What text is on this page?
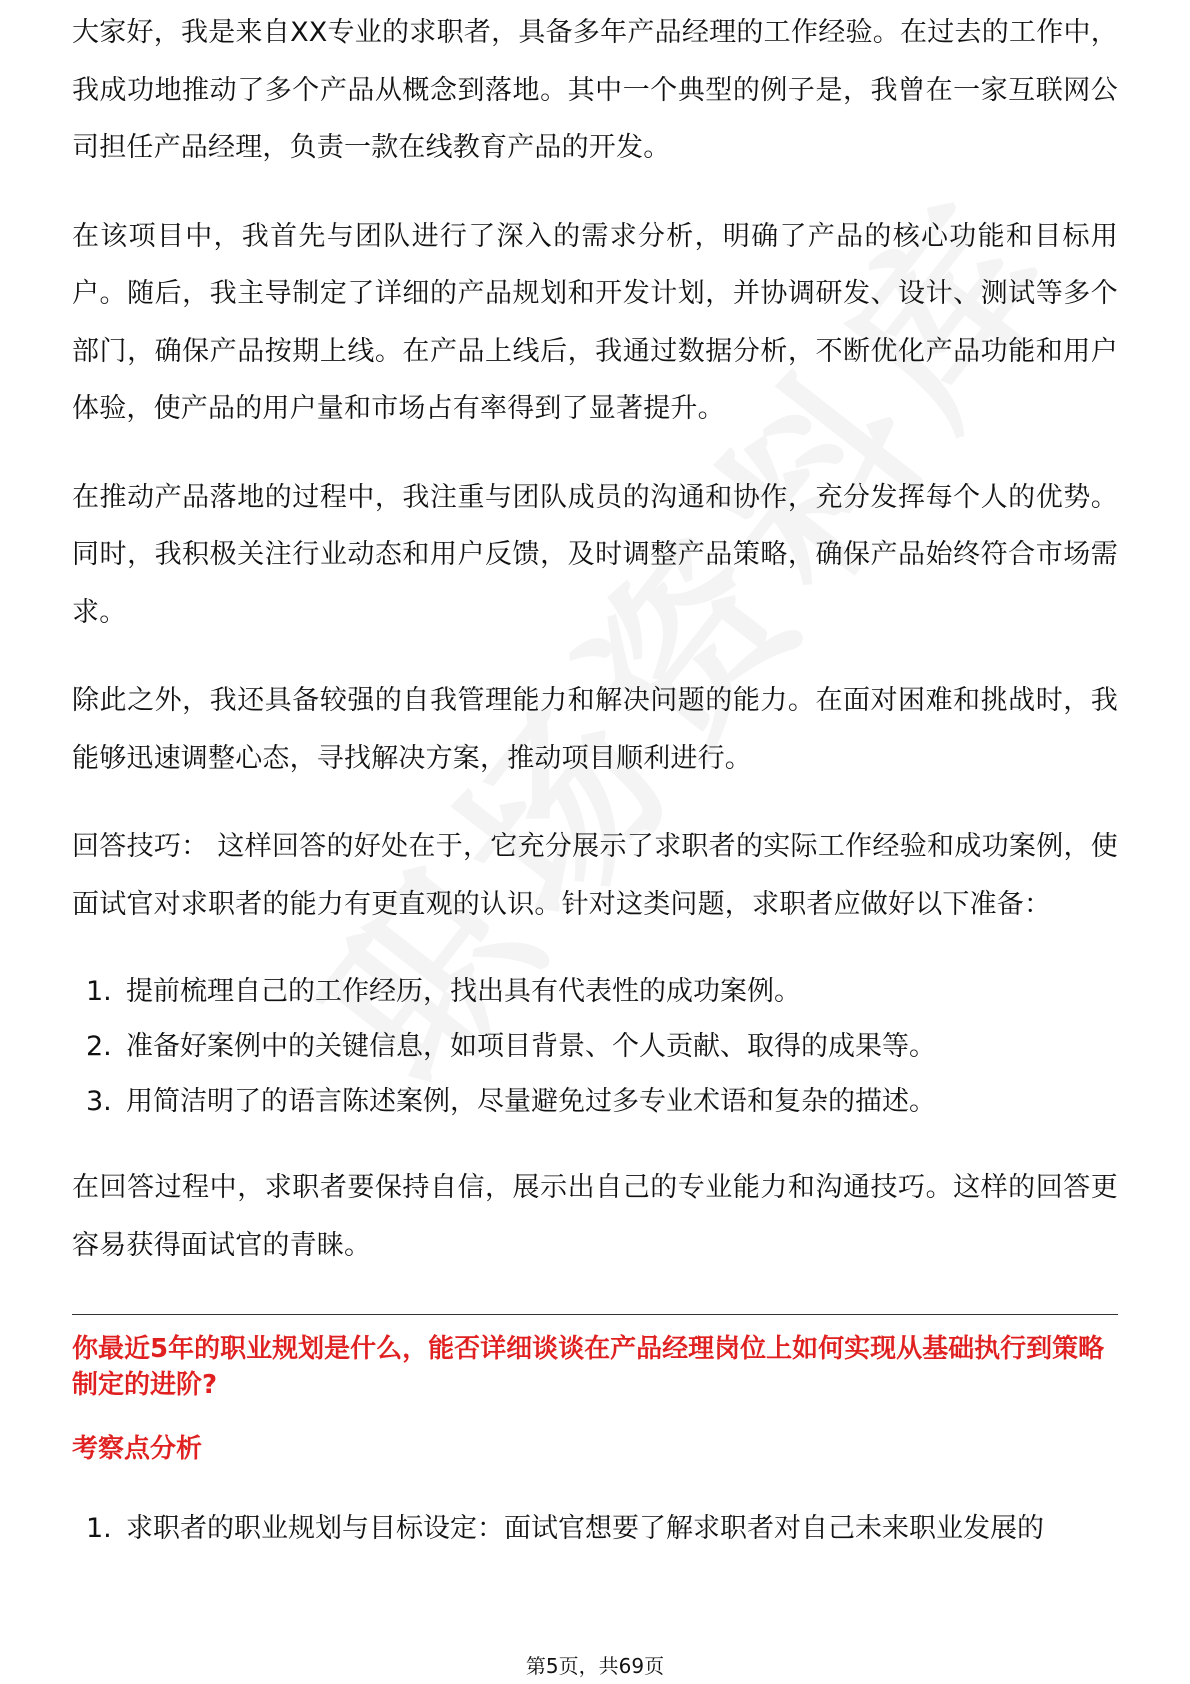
大家好，我是来自XX专业的求职者，具备多年产品经理的工作经验。在过去的工作中，我成功地推动了多个产品从概念到落地。其中一个典型的例子是，我曾在一家互联网公司担任产品经理，负责一款在线教育产品的开发。

在该项目中，我首先与团队进行了深入的需求分析，明确了产品的核心功能和目标用户。随后，我主导制定了详细的产品规划和开发计划，并协调研发、设计、测试等多个部门，确保产品按期上线。在产品上线后，我通过数据分析，不断优化产品功能和用户体验，使产品的用户量和市场占有率得到了显著提升。

在推动产品落地的过程中，我注重与团队成员的沟通和协作，充分发挥每个人的优势。同时，我积极关注行业动态和用户反馈，及时调整产品策略，确保产品始终符合市场需求。

除此之外，我还具备较强的自我管理能力和解决问题的能力。在面对困难和挑战时，我能够迅速调整心态，寻找解决方案，推动项目顺利进行。

回答技巧： 这样回答的好处在于，它充分展示了求职者的实际工作经验和成功案例，使面试官对求职者的能力有更直观的认识。针对这类问题，求职者应做好以下准备：

1. 提前梳理自己的工作经历，找出具有代表性的成功案例。
2. 准备好案例中的关键信息，如项目背景、个人贡献、取得的成果等。
3. 用简洁明了的语言陈述案例，尽量避免过多专业术语和复杂的描述。

在回答过程中，求职者要保持自信，展示出自己的专业能力和沟通技巧。这样的回答更容易获得面试官的青睐。

你最近5年的职业规划是什么，能否详细谈谈在产品经理岗位上如何实现从基础执行到策略制定的进阶?
考察点分析
1. 求职者的职业规划与目标设定：面试官想要了解求职者对自己未来职业发展的
第5页，共69页
